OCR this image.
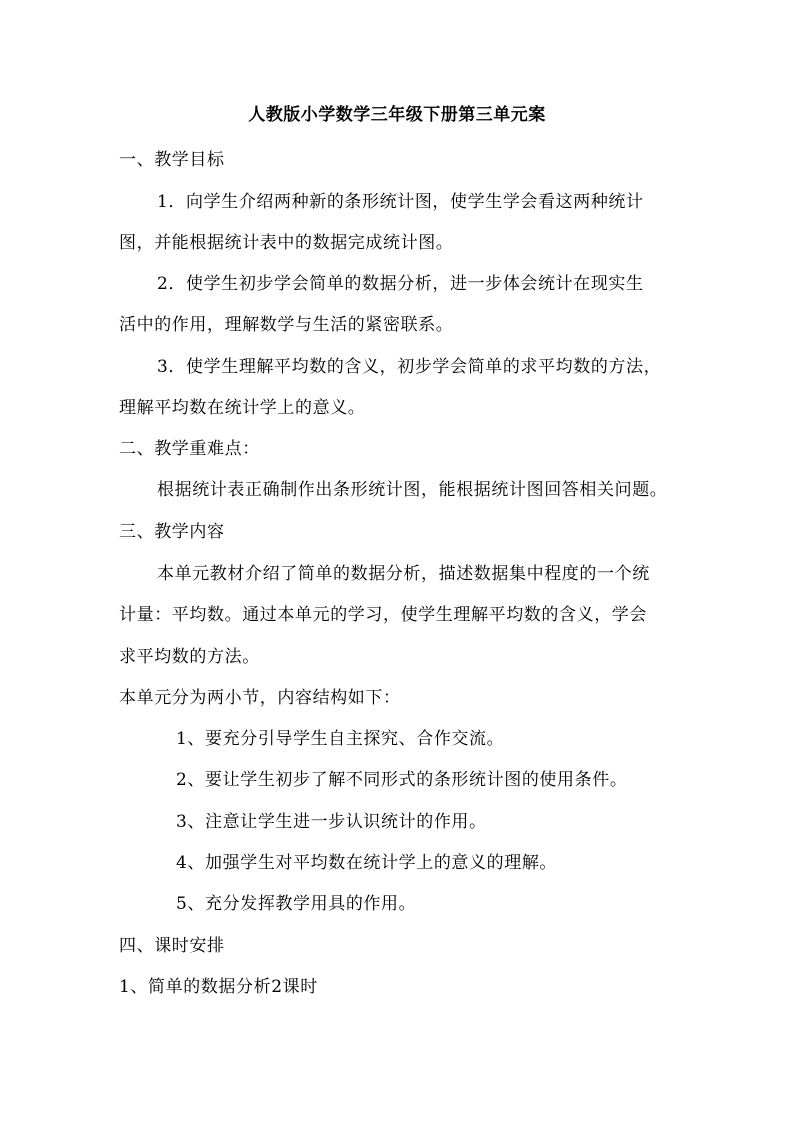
人教版小学数学三年级下册第三单元案
一、教学目标
1．向学生介绍两种新的条形统计图，使学生学会看这两种统计
图，并能根据统计表中的数据完成统计图。
2．使学生初步学会简单的数据分析，进一步体会统计在现实生
活中的作用，理解数学与生活的紧密联系。
3．使学生理解平均数的含义，初步学会简单的求平均数的方法，
理解平均数在统计学上的意义。
二、教学重难点：
根据统计表正确制作出条形统计图，能根据统计图回答相关问题。
三、教学内容
本单元教材介绍了简单的数据分析，描述数据集中程度的一个统
计量：平均数。通过本单元的学习，使学生理解平均数的含义，学会
求平均数的方法。
本单元分为两小节，内容结构如下：
1、要充分引导学生自主探究、合作交流。
2、要让学生初步了解不同形式的条形统计图的使用条件。
3、注意让学生进一步认识统计的作用。
4、加强学生对平均数在统计学上的意义的理解。
5、充分发挥教学用具的作用。
四、课时安排
1、简单的数据分析2课时
